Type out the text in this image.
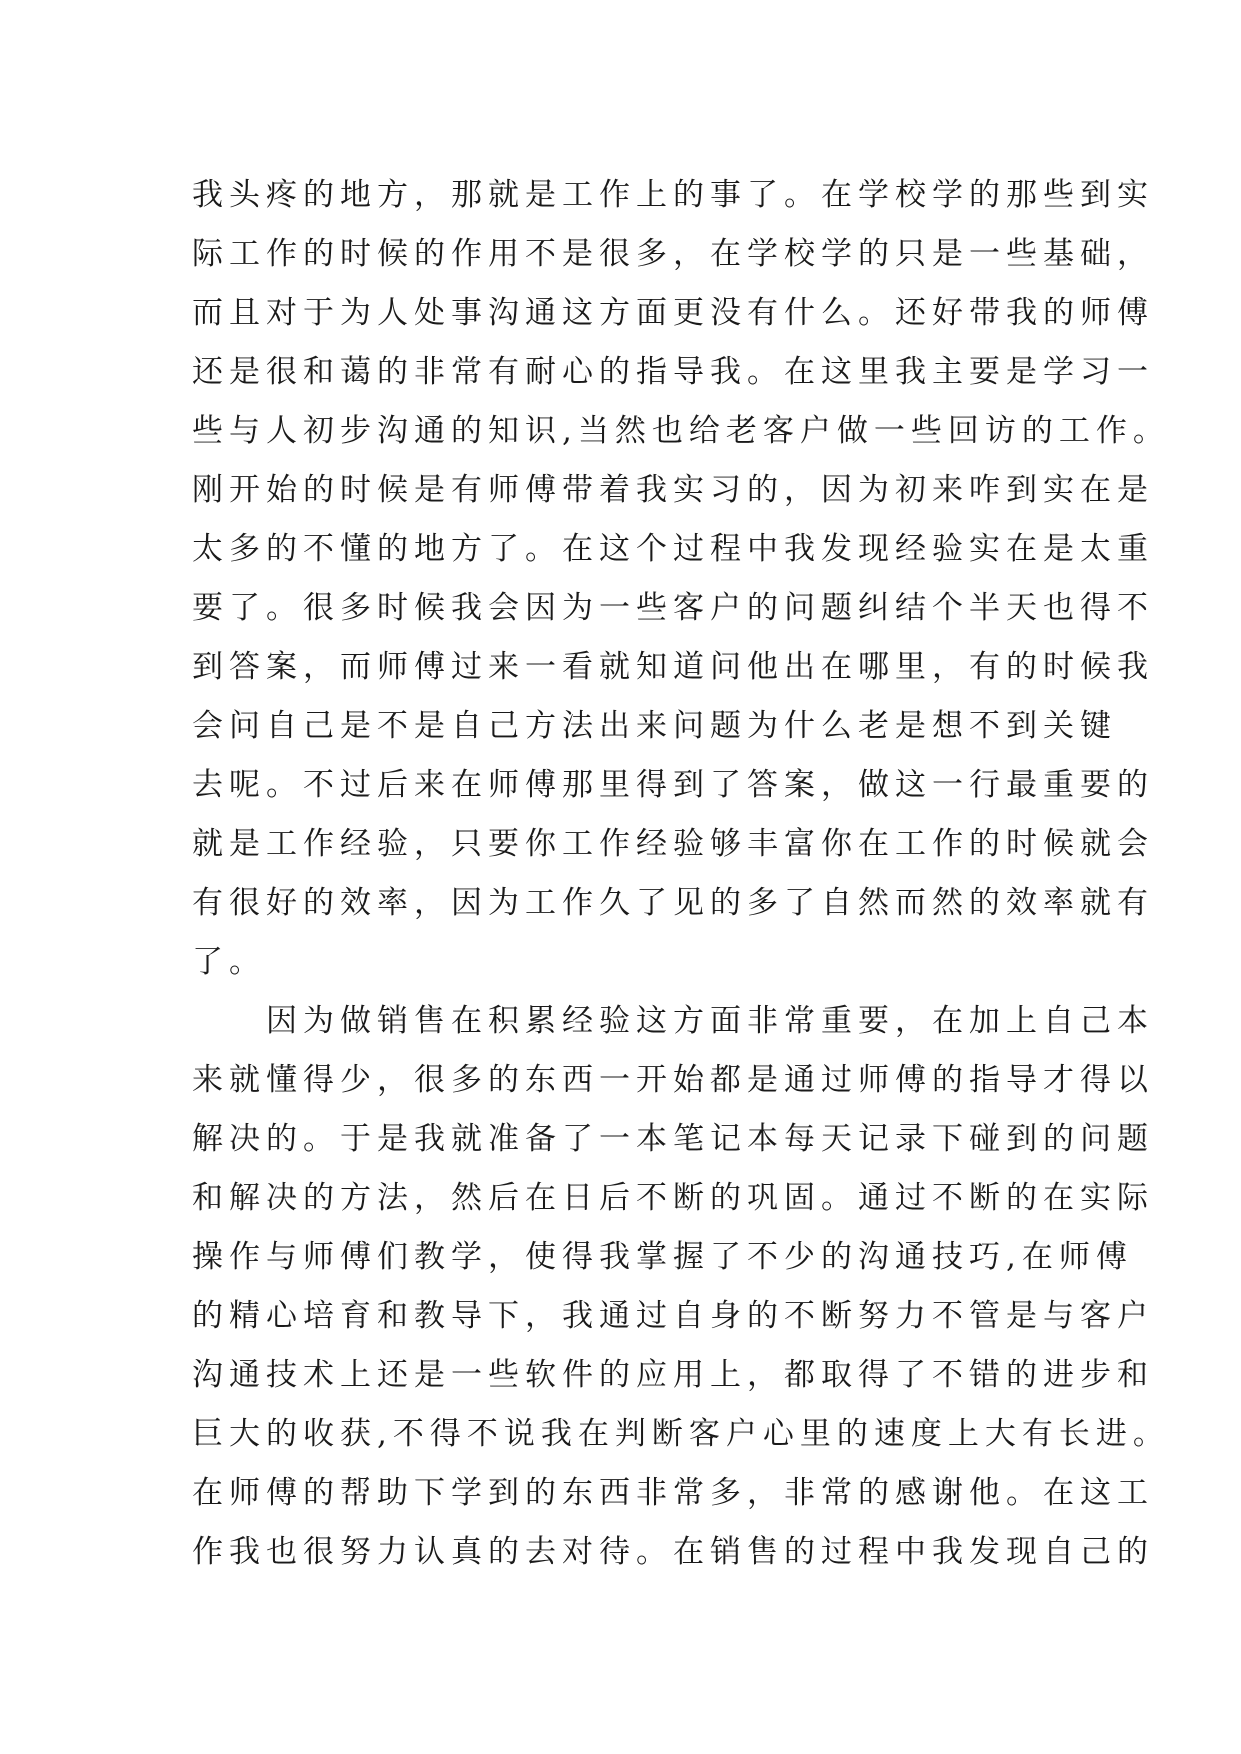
我头疼的地方，那就是工作上的事了。在学校学的那些到实
际工作的时候的作用不是很多，在学校学的只是一些基础，
而且对于为人处事沟通这方面更没有什么。还好带我的师傅
还是很和蔼的非常有耐心的指导我。在这里我主要是学习一
些与人初步沟通的知识,当然也给老客户做一些回访的工作。
刚开始的时候是有师傅带着我实习的，因为初来咋到实在是
太多的不懂的地方了。在这个过程中我发现经验实在是太重
要了。很多时候我会因为一些客户的问题纠结个半天也得不
到答案，而师傅过来一看就知道问他出在哪里，有的时候我
会问自己是不是自己方法出来问题为什么老是想不到关键
去呢。不过后来在师傅那里得到了答案，做这一行最重要的
就是工作经验，只要你工作经验够丰富你在工作的时候就会
有很好的效率，因为工作久了见的多了自然而然的效率就有
了。
　　因为做销售在积累经验这方面非常重要，在加上自己本
来就懂得少，很多的东西一开始都是通过师傅的指导才得以
解决的。于是我就准备了一本笔记本每天记录下碰到的问题
和解决的方法，然后在日后不断的巩固。通过不断的在实际
操作与师傅们教学，使得我掌握了不少的沟通技巧,在师傅
的精心培育和教导下，我通过自身的不断努力不管是与客户
沟通技术上还是一些软件的应用上，都取得了不错的进步和
巨大的收获,不得不说我在判断客户心里的速度上大有长进。
在师傅的帮助下学到的东西非常多，非常的感谢他。在这工
作我也很努力认真的去对待。在销售的过程中我发现自己的
